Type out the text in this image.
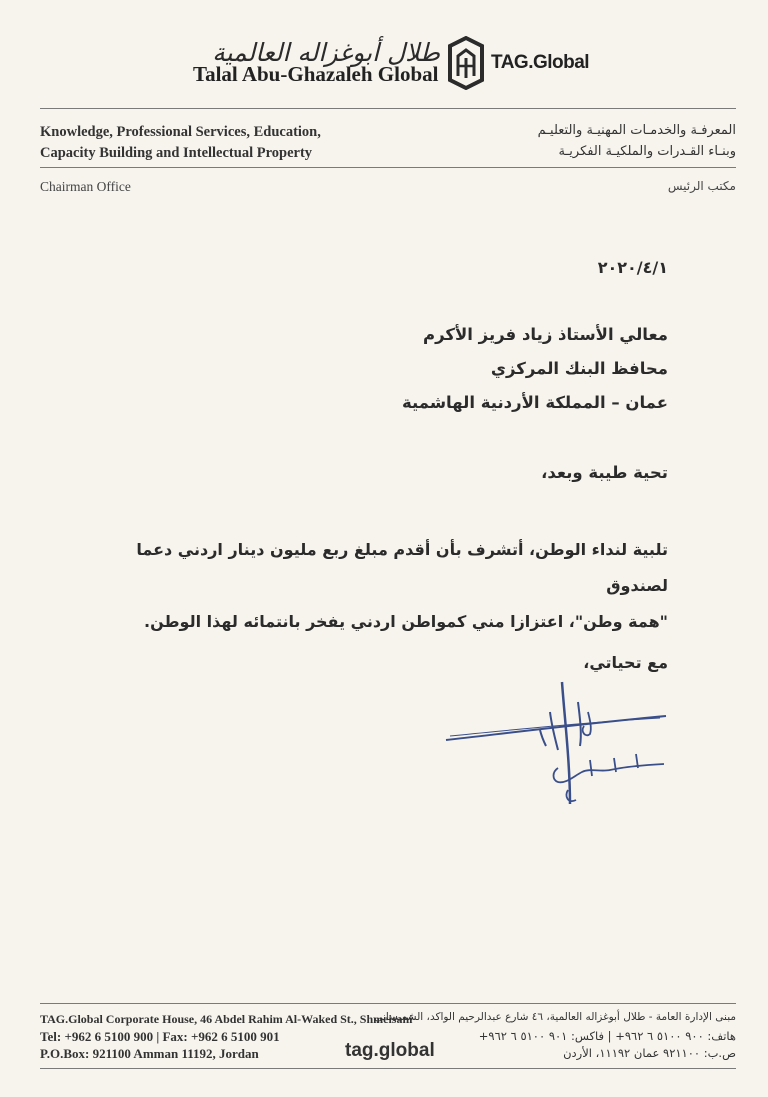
طلال أبوغزاله العالمية
Talal Abu-Ghazaleh Global	TAG.Global
Knowledge, Professional Services, Education,
Capacity Building and Intellectual Property
المعرفـة والخدمـات المهنيـة والتعليـم
وبنـاء القـدرات والملكيـة الفكريـة
Chairman Office	مكتب الرئيس
٢٠٢٠/٤/١
معالي الأستاذ زياد فريز الأكرم
محافظ البنك المركزي
عمان – المملكة الأردنية الهاشمية
تحية طيبة وبعد،
تلبية لنداء الوطن، أتشرف بأن أقدم مبلغ ربع مليون دينار اردني دعما لصندوق
"همة وطن"، اعتزازا مني كمواطن اردني يفخر بانتمائه لهذا الوطن.
مع تحياتي،
TAG.Global Corporate House, 46 Abdel Rahim Al-Waked St., Shmeisani
Tel: +962 6 5100 900 | Fax: +962 6 5100 901
P.O.Box: 921100 Amman 11192, Jordan	tag.global
مبنى الإدارة العامة - طلال أبوغزاله العالمية، ٤٦ شارع عبدالرحيم الواكد، الشميساني
هاتف: ٩٠٠ ٥١٠٠ ٦ ٩٦٢+ | فاكس: ٩٠١ ٥١٠٠ ٦ ٩٦٢+
ص.ب: ٩٢١١٠٠ عمان ١١١٩٢، الأردن
